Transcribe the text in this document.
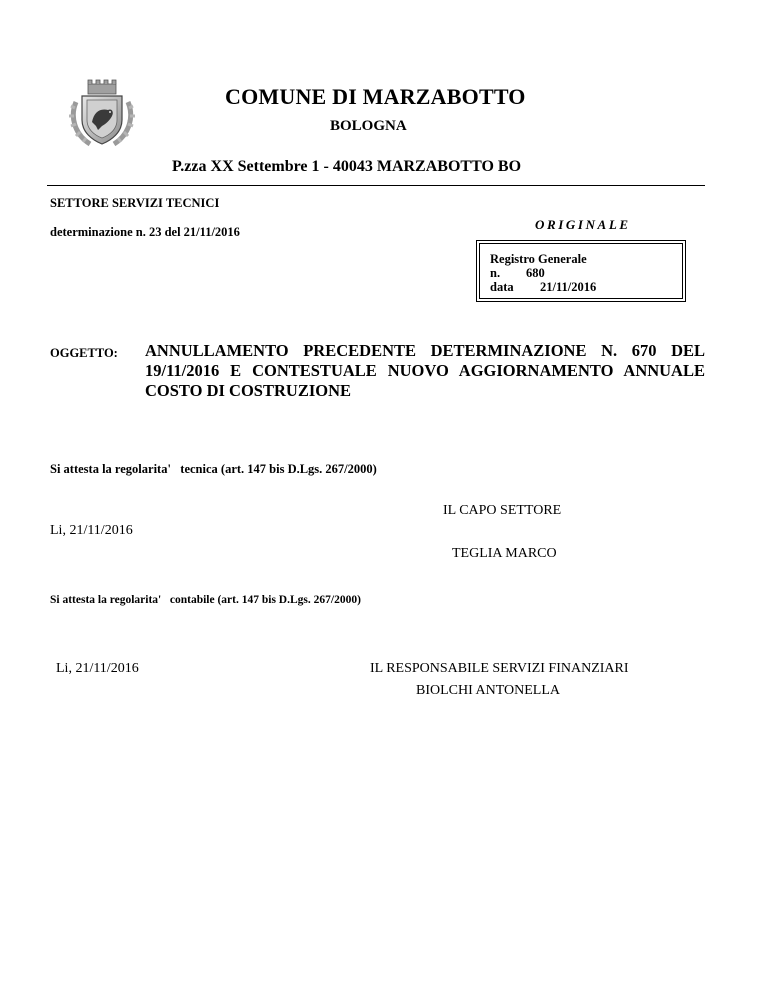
COMUNE DI MARZABOTTO
BOLOGNA
P.zza XX Settembre 1 - 40043 MARZABOTTO BO
SETTORE SERVIZI TECNICI
ORIGINALE
determinazione n. 23 del 21/11/2016
Registro Generale
n. 680
data 21/11/2016
OGGETTO: ANNULLAMENTO PRECEDENTE DETERMINAZIONE N. 670 DEL 19/11/2016 E CONTESTUALE NUOVO AGGIORNAMENTO ANNUALE COSTO DI COSTRUZIONE
Si attesta la regolarita'   tecnica (art. 147 bis D.Lgs. 267/2000)
IL CAPO SETTORE
Li, 21/11/2016
TEGLIA MARCO
Si attesta la regolarita'   contabile (art. 147 bis D.Lgs. 267/2000)
Li, 21/11/2016	IL RESPONSABILE SERVIZI FINANZIARI
BIOLCHI ANTONELLA
